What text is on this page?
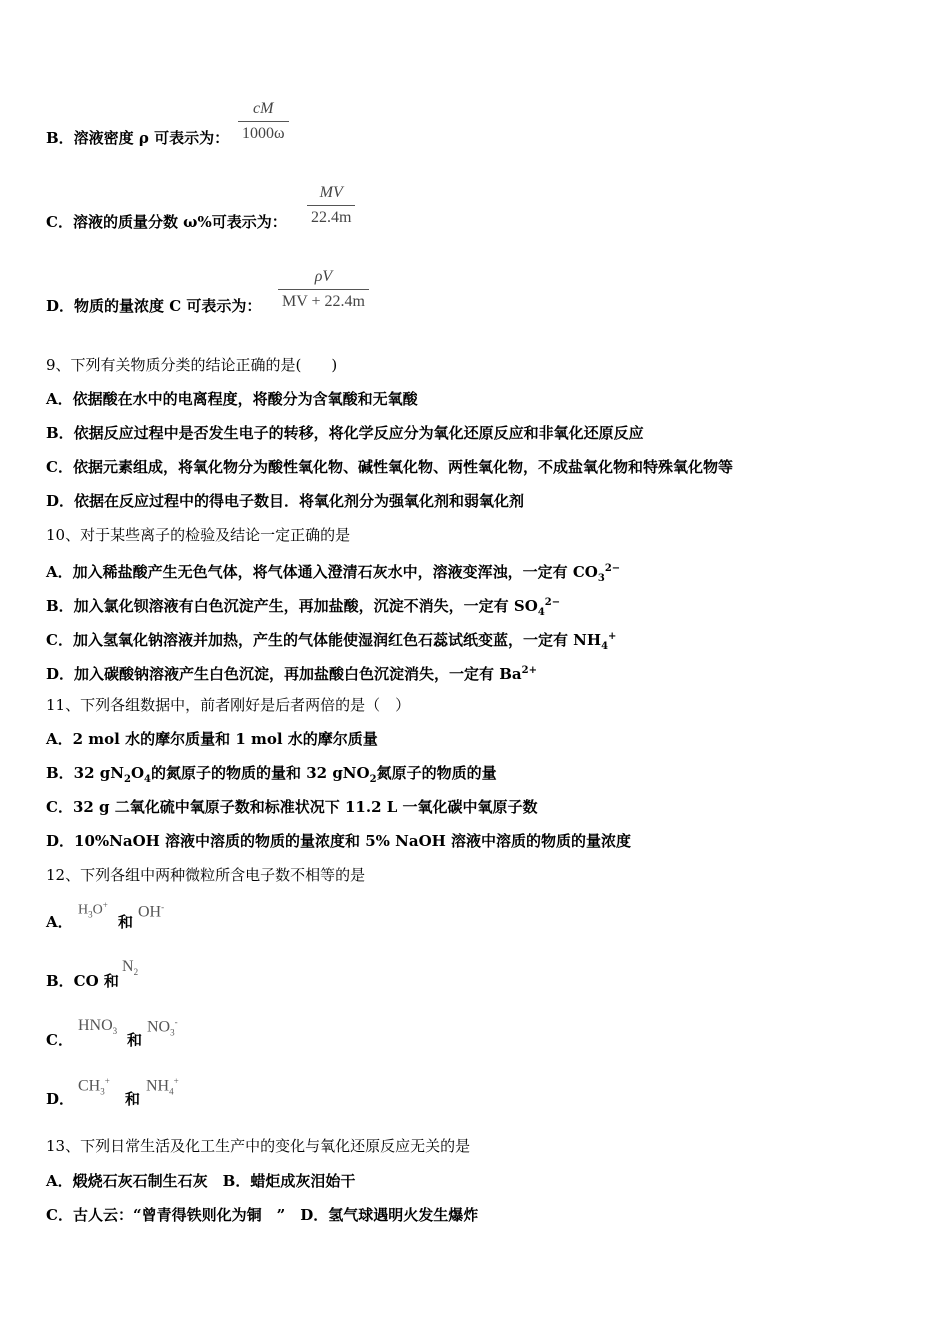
B．溶液密度 ρ 可表示为： $\frac{cM}{1000\omega}$
C．溶液的质量分数 ω%可表示为： $\frac{MV}{22.4m}$
D．物质的量浓度 C 可表示为： $\frac{\rho V}{MV + 22.4m}$
9、下列有关物质分类的结论正确的是(　　)
A．依据酸在水中的电离程度，将酸分为含氧酸和无氧酸
B．依据反应过程中是否发生电子的转移，将化学反应分为氧化还原反应和非氧化还原反应
C．依据元素组成，将氧化物分为酸性氧化物、碱性氧化物、两性氧化物，不成盐氧化物和特殊氧化物等
D．依据在反应过程中的得电子数目．将氧化剂分为强氧化剂和弱氧化剂
10、对于某些离子的检验及结论一定正确的是
A．加入稀盐酸产生无色气体，将气体通入澄清石灰水中，溶液变浑浊，一定有 $CO_3^{2-}$
B．加入氯化钡溶液有白色沉淀产生，再加盐酸，沉淀不消失，一定有 $SO_4^{2-}$
C．加入氢氧化钠溶液并加热，产生的气体能使湿润红色石蕊试纸变蓝，一定有 $NH_4^+$
D．加入碳酸钠溶液产生白色沉淀，再加盐酸白色沉淀消失，一定有 $Ba^{2+}$
11、下列各组数据中，前者刚好是后者两倍的是（　）
A．2 mol 水的摩尔质量和 1 mol 水的摩尔质量
B．32 $gN_2O_4$的氮原子的物质的量和 32 gNO$_2$氮原子的物质的量
C．32 g 二氧化硫中氧原子数和标准状况下 11.2 L 一氧化碳中氧原子数
D．10%NaOH 溶液中溶质的物质的量浓度和 5% NaOH 溶液中溶质的物质的量浓度
12、下列各组中两种微粒所含电子数不相等的是
A．
$H_3O^+$
和
OH-
B．CO 和
$N_2$
C．
$HNO_3$ 和
$NO_3^-$
D．
$CH_3^+$
和
$NH_4^+$
13、下列日常生活及化工生产中的变化与氧化还原反应无关的是
A．煅烧石灰石制生石灰　B．蜡炬成灰泪始干
C．古人云：“曾青得铁则化为铜　”　D．氢气球遇明火发生爆炸
